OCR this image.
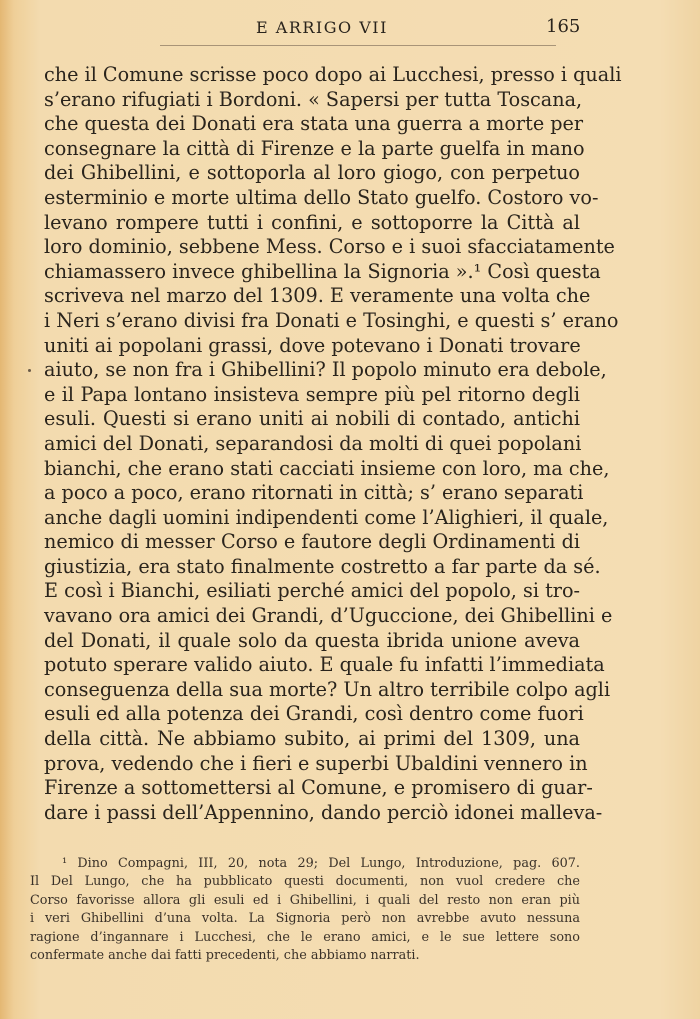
E ARRIGO VII	165
che il Comune scrisse poco dopo ai Lucchesi, presso i quali
s’erano rifugiati i Bordoni. « Sapersi per tutta Toscana,
che questa dei Donati era stata una guerra a morte per
consegnare la città di Firenze e la parte guelfa in mano
dei Ghibellini, e sottoporla al loro giogo, con perpetuo
esterminio e morte ultima dello Stato guelfo. Costoro vo-
levano rompere tutti i confini, e sottoporre la Città al
loro dominio, sebbene Mess. Corso e i suoi sfacciatamente
chiamassero invece ghibellina la Signoria ».¹ Così questa
scriveva nel marzo del 1309. E veramente una volta che
i Neri s’erano divisi fra Donati e Tosinghi, e questi s’ erano
uniti ai popolani grassi, dove potevano i Donati trovare
aiuto, se non fra i Ghibellini? Il popolo minuto era debole,
e il Papa lontano insisteva sempre più pel ritorno degli
esuli. Questi si erano uniti ai nobili di contado, antichi
amici del Donati, separandosi da molti di quei popolani
bianchi, che erano stati cacciati insieme con loro, ma che,
a poco a poco, erano ritornati in città; s’ erano separati
anche dagli uomini indipendenti come l’Alighieri, il quale,
nemico di messer Corso e fautore degli Ordinamenti di
giustizia, era stato finalmente costretto a far parte da sé.
E così i Bianchi, esiliati perché amici del popolo, si tro-
vavano ora amici dei Grandi, d’Uguccione, dei Ghibellini e
del Donati, il quale solo da questa ibrida unione aveva
potuto sperare valido aiuto. E quale fu infatti l’immediata
conseguenza della sua morte? Un altro terribile colpo agli
esuli ed alla potenza dei Grandi, così dentro come fuori
della città. Ne abbiamo subito, ai primi del 1309, una
prova, vedendo che i fieri e superbi Ubaldini vennero in
Firenze a sottomettersi al Comune, e promisero di guar-
dare i passi dell’Appennino, dando perciò idonei malleva-
¹ Dino Compagni, III, 20, nota 29; Del Lungo, Introduzione, pag. 607.
Il Del Lungo, che ha pubblicato questi documenti, non vuol credere che
Corso favorisse allora gli esuli ed i Ghibellini, i quali del resto non eran più
i veri Ghibellini d’una volta. La Signoria però non avrebbe avuto nessuna
ragione d’ingannare i Lucchesi, che le erano amici, e le sue lettere sono
confermate anche dai fatti precedenti, che abbiamo narrati.
